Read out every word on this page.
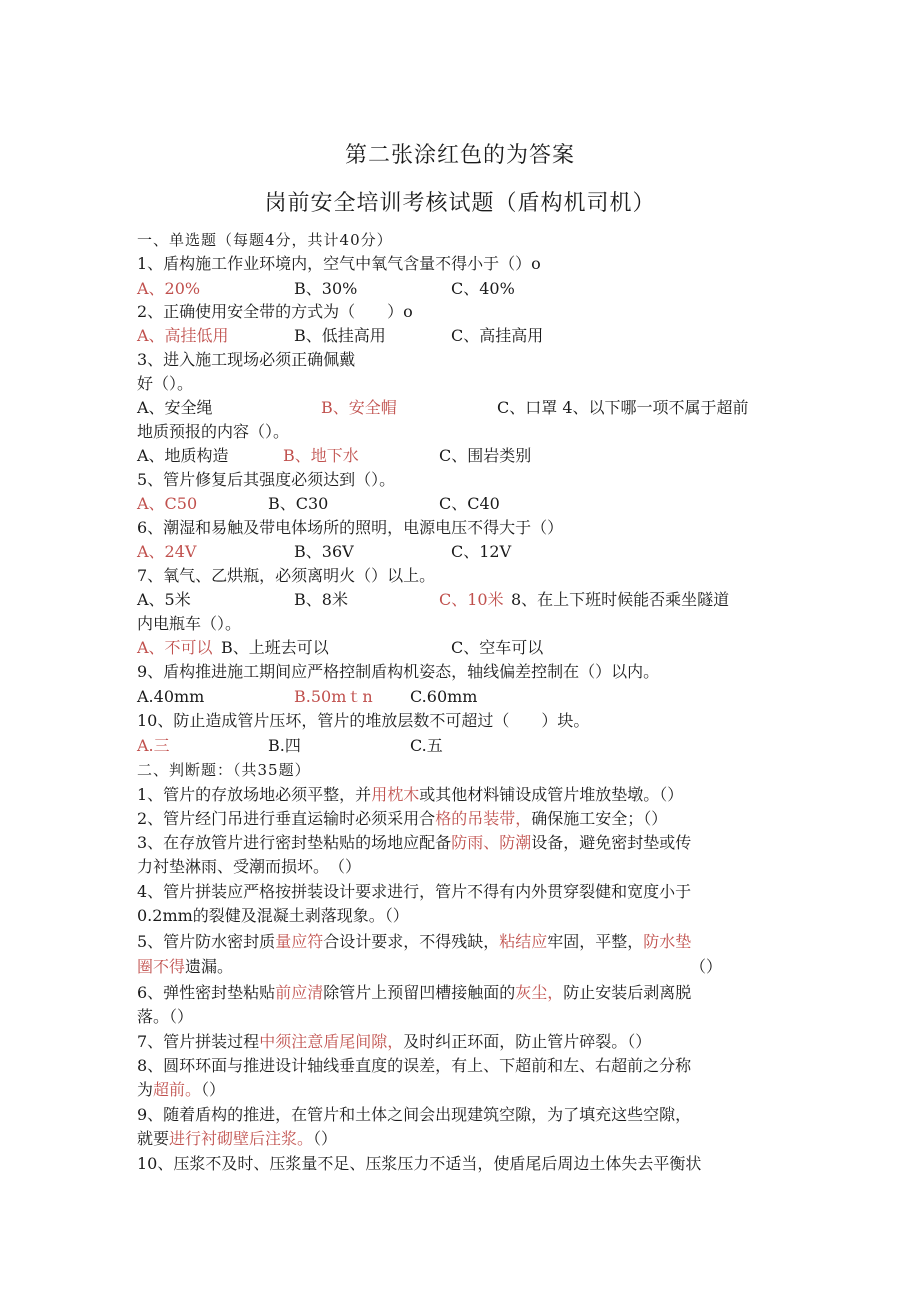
第二张涂红色的为答案
岗前安全培训考核试题（盾构机司机）
一、单选题（每题4分，共计40分）
1、盾构施工作业环境内，空气中氧气含量不得小于（）o
A、20%	B、30%	C、40%
2、正确使用安全带的方式为（　　）o
A、高挂低用	B、低挂高用	C、高挂高用
3、进入施工现场必须正确佩戴
好（）。
A、安全绳	B、安全帽	C、口罩 4、以下哪一项不属于超前
地质预报的内容（）。
A、地质构造	B、地下水	C、围岩类别
5、管片修复后其强度必须达到（）。
A、C50	B、C30	C、C40
6、潮湿和易触及带电体场所的照明，电源电压不得大于（）
A、24V	B、36V	C、12V
7、氧气、乙烘瓶，必须离明火（）以上。
A、5米	B、8米	C、10米 8、在上下班时候能否乘坐隧道
内电瓶车（）。
A、不可以 B、上班去可以	C、空车可以
9、盾构推进施工期间应严格控制盾构机姿态，轴线偏差控制在（）以内。
A.40mm	B.50mｔn C.60mm
10、防止造成管片压坏，管片的堆放层数不可超过（　　）块。
A.三	B.四	C.五
二、判断题：（共35题）
1、管片的存放场地必须平整，并用枕木或其他材料铺设成管片堆放垫墩。（）
2、管片经门吊进行垂直运输时必须采用合格的吊装带，确保施工安全；（）
3、在存放管片进行密封垫粘贴的场地应配备防雨、防潮设备，避免密封垫或传
力衬垫淋雨、受潮而损坏。　（）
4、管片拼装应严格按拼装设计要求进行，管片不得有内外贯穿裂健和宽度小于
0.2mm的裂健及混凝土剥落现象。（）
5、管片防水密封质量应符合设计要求，不得残缺，粘结应牢固，平整，防水垫
圈不得遗漏。	（）
6、弹性密封垫粘贴前应清除管片上预留凹槽接触面的灰尘，防止安装后剥离脱
落。（）
7、管片拼装过程中须注意盾尾间隙，及时纠正环面，防止管片碎裂。（）
8、圆环环面与推进设计轴线垂直度的误差，有上、下超前和左、右超前之分称
为超前。（）
9、随着盾构的推进，在管片和土体之间会出现建筑空隙，为了填充这些空隙，
就要进行衬砌壁后注浆。（）
10、压浆不及时、压浆量不足、压浆压力不适当，使盾尾后周边土体失去平衡状
